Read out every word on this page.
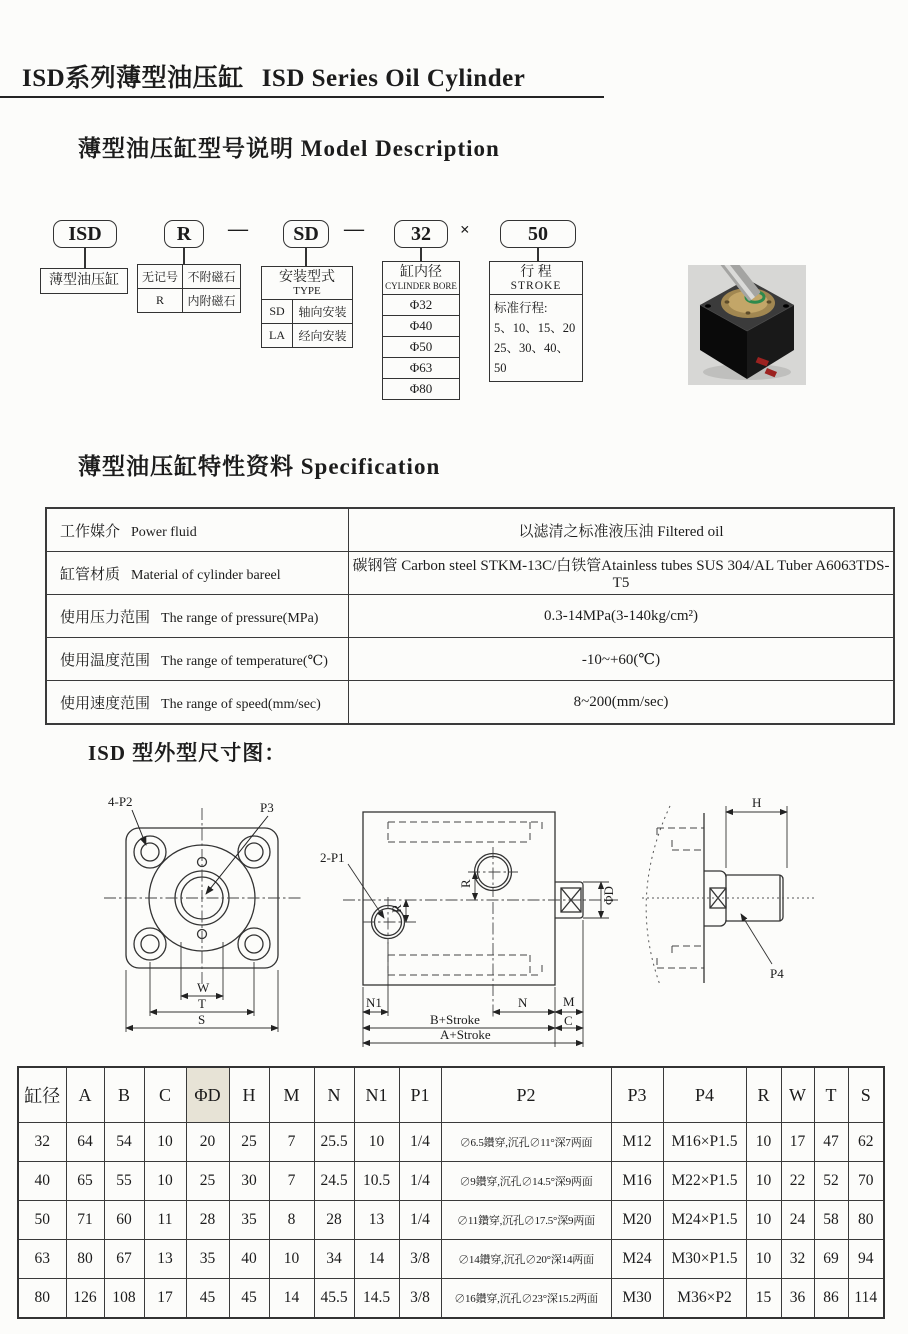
ISD系列薄型油压缸 ISD Series Oil Cylinder
薄型油压缸型号说明 Model Description
ISD	R	—	SD	—	32	×	50
薄型油压缸	无记号	不附磁石
R	内附磁石
安装型式
TYPE	

SD	轴向安装
LA	经向安装
缸内径
CYLINDER BORE

Φ32
Φ40
Φ50
Φ63
Φ80
行 程
STROKE

标准行程:
5、10、15、20
25、30、40、50
薄型油压缸特性资料 Specification
工作媒介 Power fluid	以滤清之标准液压油 Filtered oil
缸管材质 Material of cylinder bareel	碳钢管 Carbon steel STKM-13C/白铁管Atainless tubes SUS 304/AL Tuber A6063TDS-T5
使用压力范围 The range of pressure(MPa)	0.3-14MPa(3-140kg/cm²)
使用温度范围 The range of temperature(℃)	-10~+60(℃)
使用速度范围 The range of speed(mm/sec)	8~200(mm/sec)
ISD 型外型尺寸图：
4-P2	P3
W
T
S
2-P1
R
R
ΦD
N1	N	M
B+Stroke	C
A+Stroke
H
P4
缸径	A	B	C	ΦD	H	M	N	N1	P1	P2	P3	P4	R	W	T	S
32	64	54	10	20	25	7	25.5	10	1/4	∅6.5鑽穿,沉孔∅11°深7两面	M12	M16×P1.5	10	17	47	62
40	65	55	10	25	30	7	24.5	10.5	1/4	∅9鑽穿,沉孔∅14.5°深9两面	M16	M22×P1.5	10	22	52	70
50	71	60	11	28	35	8	28	13	1/4	∅11鑽穿,沉孔∅17.5°深9两面	M20	M24×P1.5	10	24	58	80
63	80	67	13	35	40	10	34	14	3/8	∅14鑽穿,沉孔∅20°深14两面	M24	M30×P1.5	10	32	69	94
80	126	108	17	45	45	14	45.5	14.5	3/8	∅16鑽穿,沉孔∅23°深15.2两面	M30	M36×P2	15	36	86	114
